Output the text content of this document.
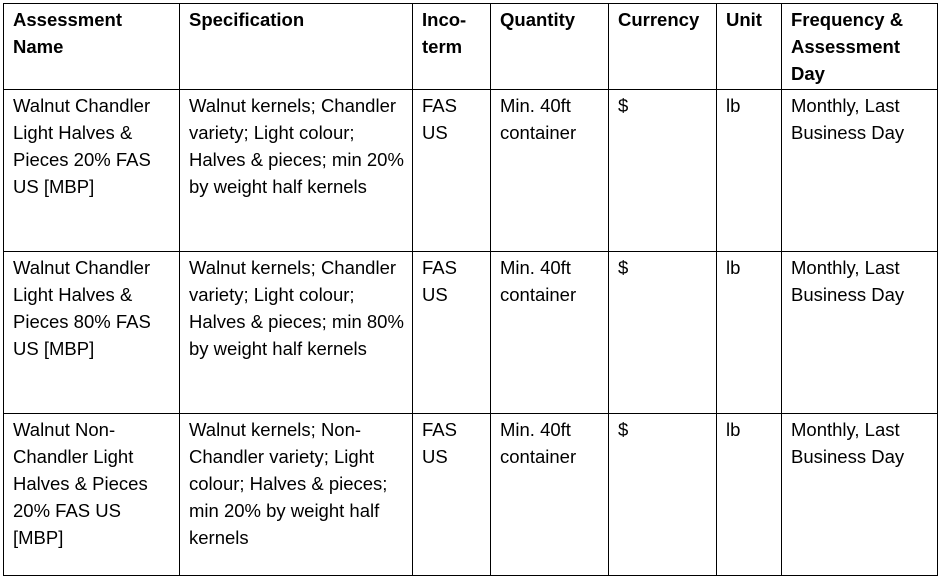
Assessment Name	Specification	Inco-term	Quantity	Currency	Unit	Frequency & Assessment Day
Walnut Chandler Light Halves & Pieces 20% FAS US [MBP]	Walnut kernels; Chandler variety; Light colour; Halves & pieces; min 20% by weight half kernels	FAS US	Min. 40ft container	$	lb	Monthly, Last Business Day
Walnut Chandler Light Halves & Pieces 80% FAS US [MBP]	Walnut kernels; Chandler variety; Light colour; Halves & pieces; min 80% by weight half kernels	FAS US	Min. 40ft container	$	lb	Monthly, Last Business Day
Walnut Non-Chandler Light Halves & Pieces 20% FAS US [MBP]	Walnut kernels; Non-Chandler variety; Light colour; Halves & pieces; min 20% by weight half kernels	FAS US	Min. 40ft container	$	lb	Monthly, Last Business Day
